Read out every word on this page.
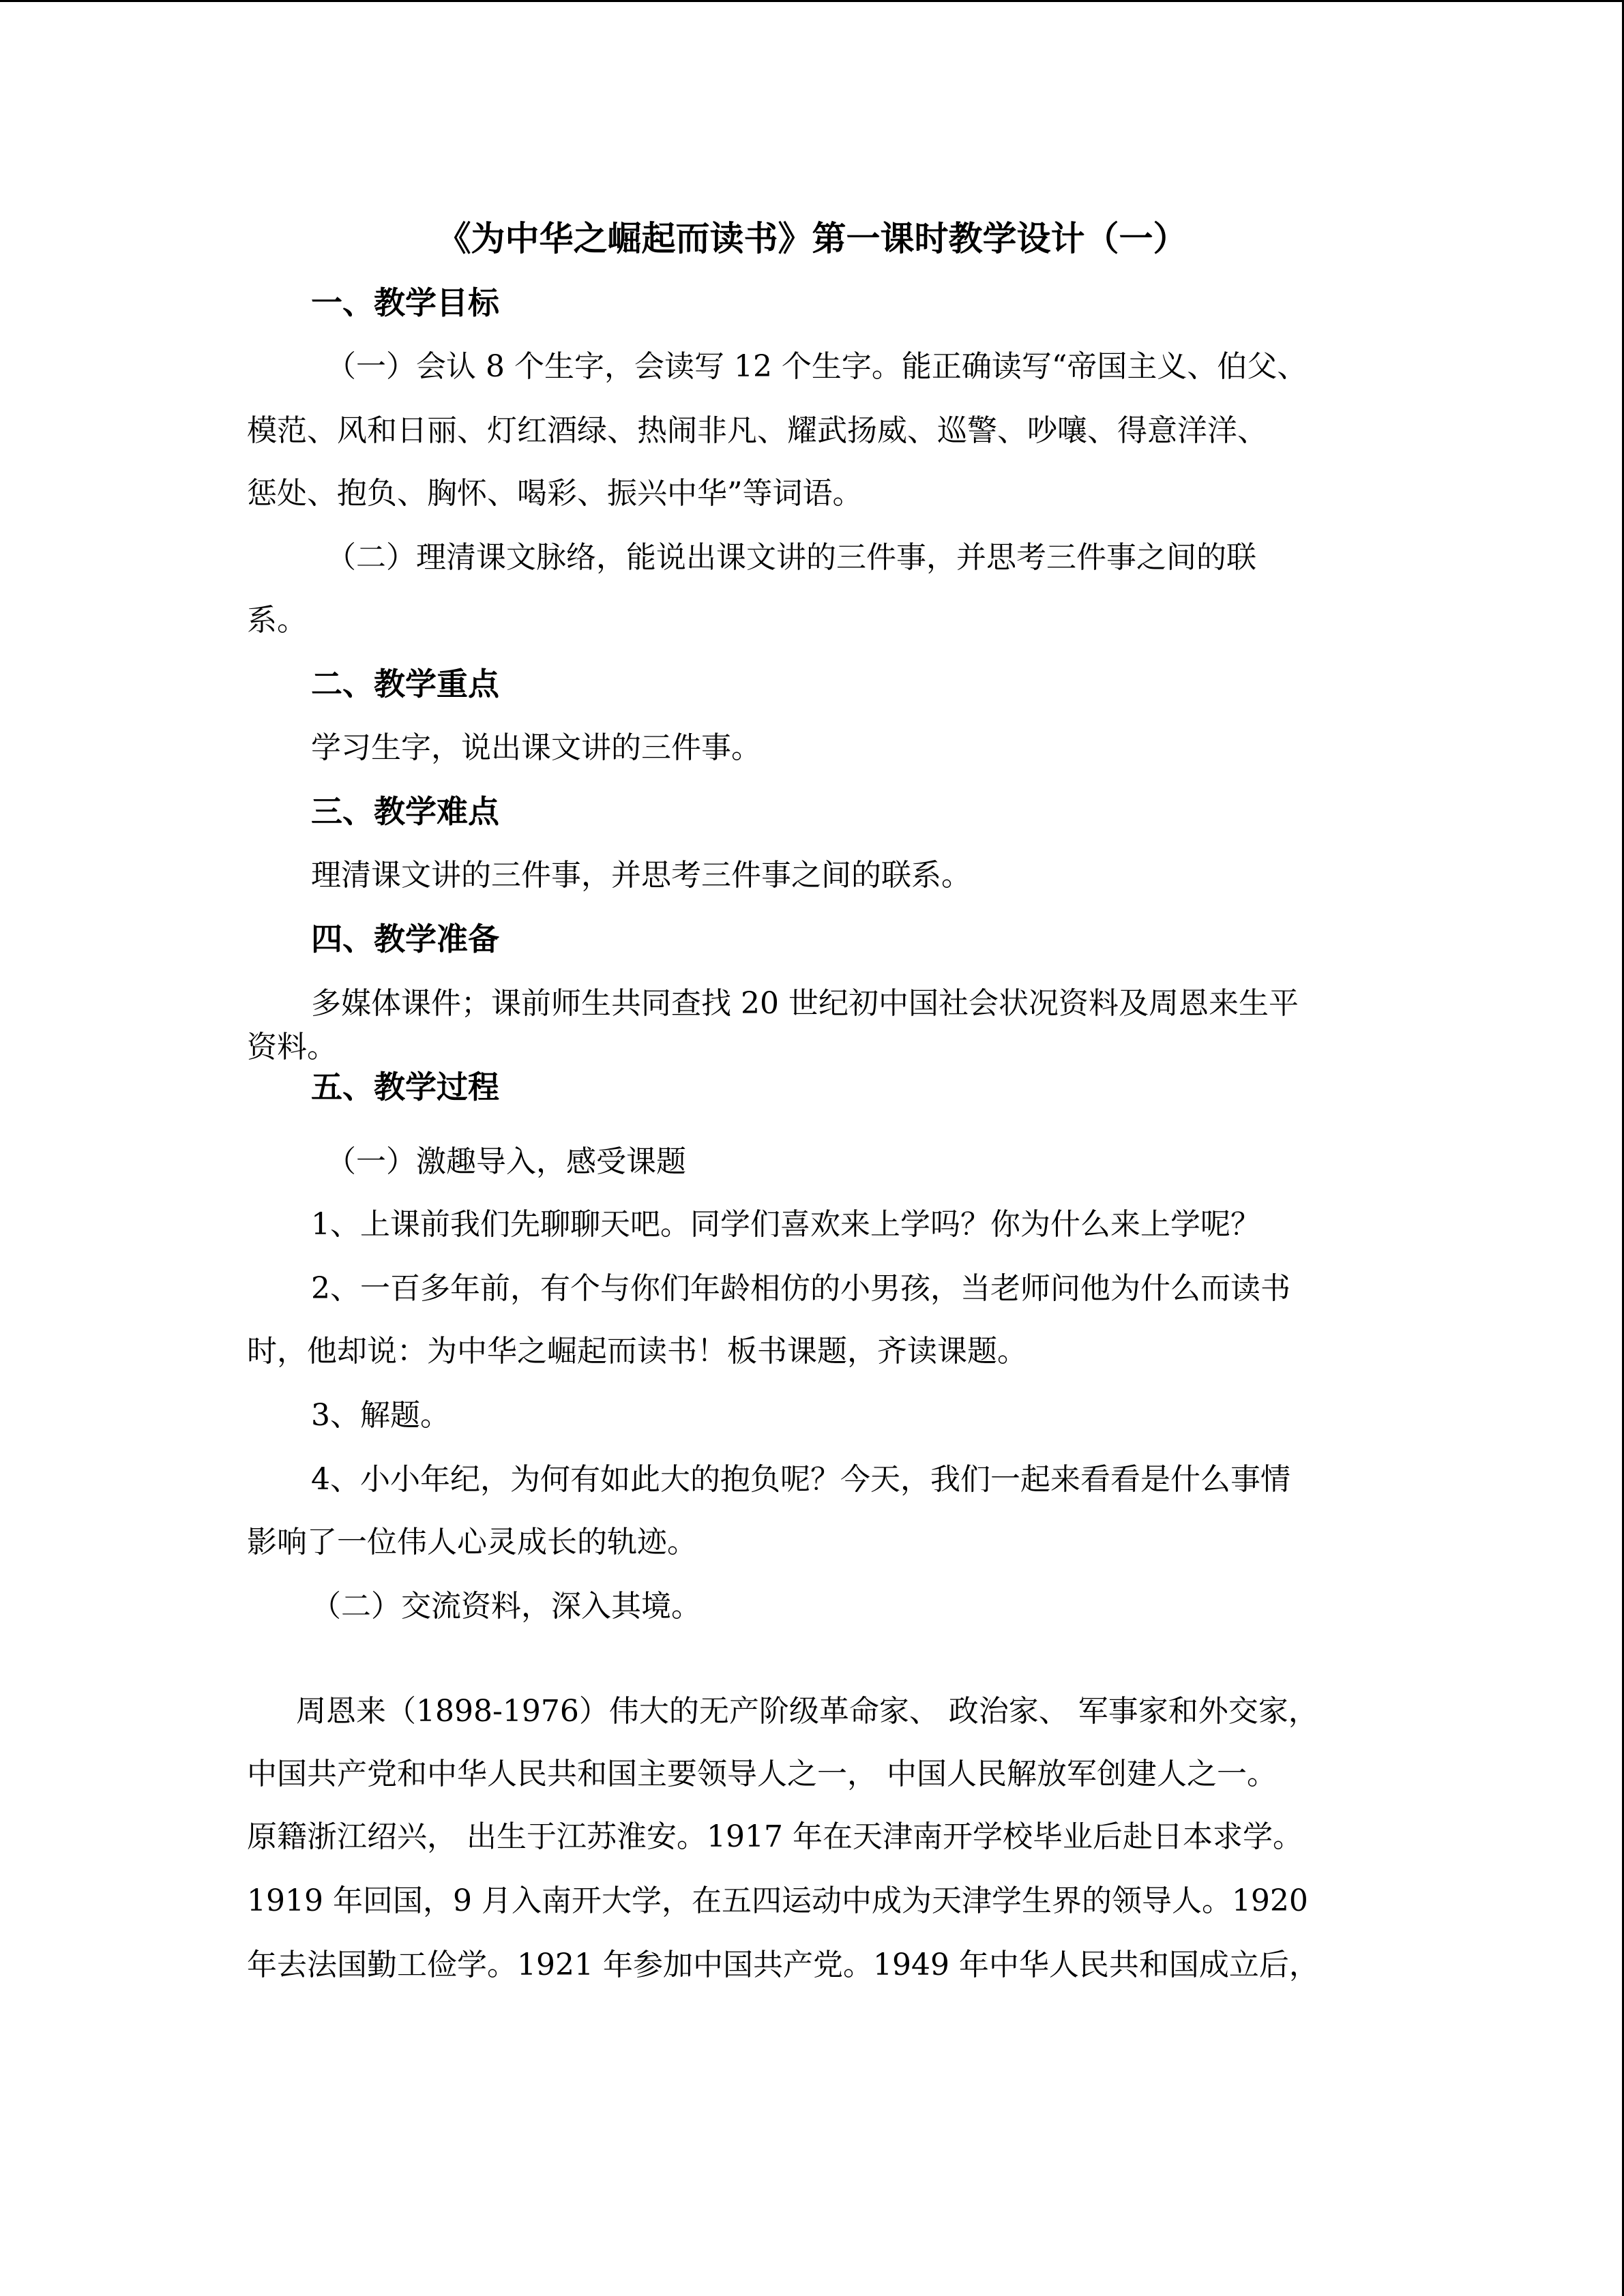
《为中华之崛起而读书》第一课时教学设计（一）
一、教学目标
（一）会认 8 个生字，会读写 12 个生字。能正确读写“帝国主义、伯父、
模范、风和日丽、灯红酒绿、热闹非凡、耀武扬威、巡警、吵嚷、得意洋洋、
惩处、抱负、胸怀、喝彩、振兴中华”等词语。
（二）理清课文脉络，能说出课文讲的三件事，并思考三件事之间的联
系。
二、教学重点
学习生字，说出课文讲的三件事。
三、教学难点
理清课文讲的三件事，并思考三件事之间的联系。
四、教学准备
多媒体课件；课前师生共同查找 20 世纪初中国社会状况资料及周恩来生平
资料。
五、教学过程
（一）激趣导入，感受课题
1、上课前我们先聊聊天吧。同学们喜欢来上学吗？你为什么来上学呢？
2、一百多年前，有个与你们年龄相仿的小男孩，当老师问他为什么而读书
时，他却说：为中华之崛起而读书！板书课题，齐读课题。
3、解题。
4、小小年纪，为何有如此大的抱负呢？今天，我们一起来看看是什么事情
影响了一位伟人心灵成长的轨迹。
（二）交流资料，深入其境。
周恩来（1898-1976）伟大的无产阶级革命家、 政治家、 军事家和外交家，
中国共产党和中华人民共和国主要领导人之一， 中国人民解放军创建人之一。
原籍浙江绍兴， 出生于江苏淮安。1917 年在天津南开学校毕业后赴日本求学。
1919 年回国，9 月入南开大学，在五四运动中成为天津学生界的领导人。1920
年去法国勤工俭学。1921 年参加中国共产党。1949 年中华人民共和国成立后，
